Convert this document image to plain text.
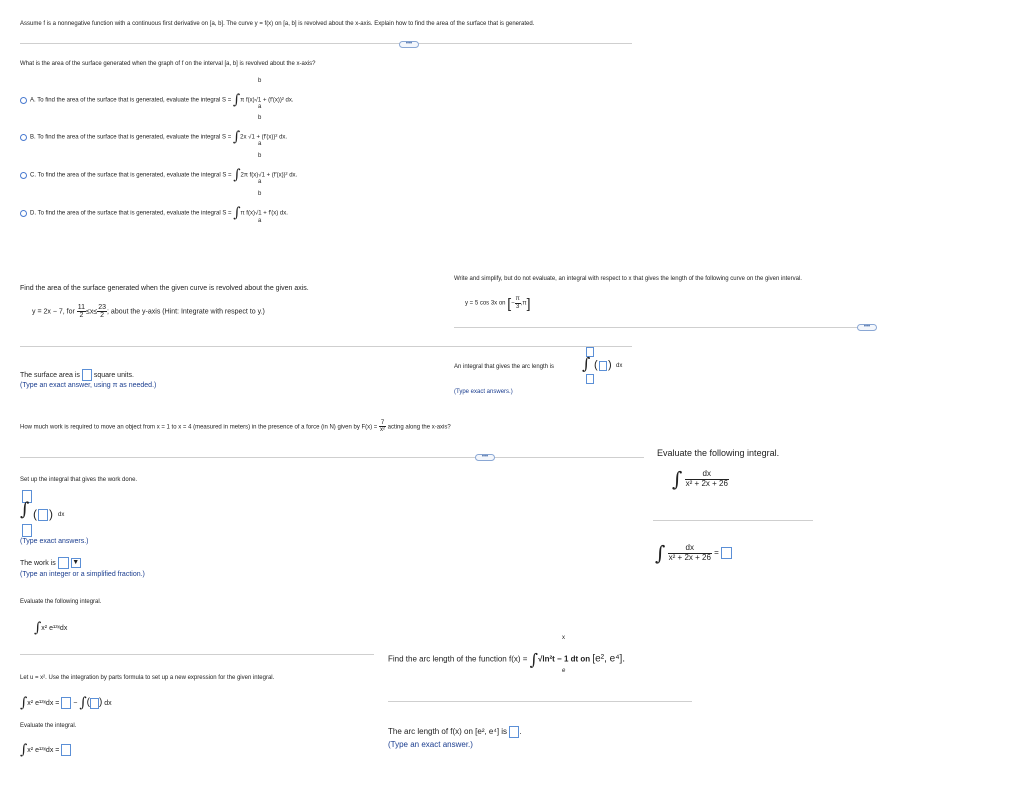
Assume f is a nonnegative function with a continuous first derivative on [a, b]. The curve y = f(x) on [a, b] is revolved about the x-axis. Explain how to find the area of the surface that is generated.
•••
What is the area of the surface generated when the graph of f on the interval [a, b] is revolved about the x-axis?
A. To find the area of the surface that is generated, evaluate the integral S = ∫π f(x)√1 + (f′(x))² dx.
b
a
B. To find the area of the surface that is generated, evaluate the integral S = ∫2x √1 + (f′(x))² dx.
b
a
C. To find the area of the surface that is generated, evaluate the integral S = ∫2π f(x)√1 + (f′(x))² dx.
b
a
D. To find the area of the surface that is generated, evaluate the integral S = ∫π f(x)√1 + f′(x) dx.
b
a
Find the area of the surface generated when the given curve is revolved about the given axis.
y = 2x − 7, for $\frac{11}{2} \le x\le \frac{23}{2}$ ; about the y-axis (Hint: Integrate with respect to y.)
The surface area is square units.
(Type an exact answer, using π as needed.)
Write and simplify, but do not evaluate, an integral with respect to x that gives the length of the following curve on the given interval.
y = 5 cos 3x on [− $\frac{\pi}{3} ,\pi$]
•••
An integral that gives the arc length is ∫ ( ) dx
(Type exact answers.)
How much work is required to move an object from x = 1 to x = 4 (measured in meters) in the presence of a force (in N) given by $F(x) = \frac{7}{\text{x²}}$ acting along the x-axis?
•••
Set up the integral that gives the work done.
∫ ( ) dx
(Type exact answers.)
The work is ▼
(Type an integer or a simplified fraction.)
Evaluate the following integral.
∫ $\frac{dx}{\text{x² + 2x + 26}}$
∫ $\frac{dx}{\text{x² + 2x + 26}}$ =
Evaluate the following integral.
∫x² e¹³ˣdx
Let u = x². Use the integration by parts formula to set up a new expression for the given integral.
∫x² e¹³ˣdx = − ∫( ) dx
Evaluate the integral.
∫x² e¹³ˣdx =
x
Find the arc length of the function f(x) = ∫√ln²t − 1 dt on [e², e⁴].
e
The arc length of f(x) on [e², e⁴] is .
(Type an exact answer.)
